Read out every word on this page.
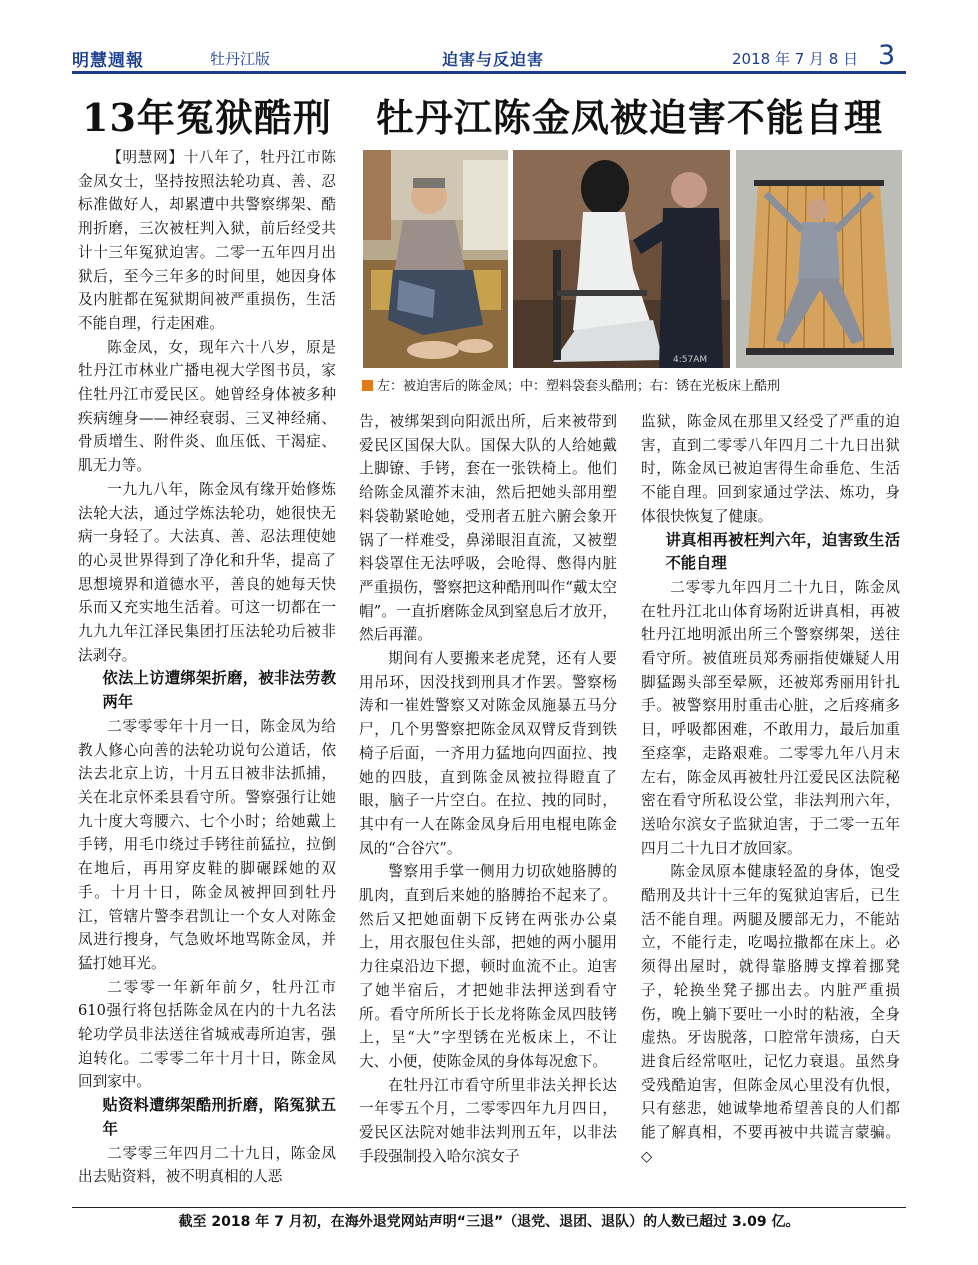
明慧週報	牡丹江版	迫害与反迫害	2018 年 7 月 8 日 3
13年冤狱酷刑 牡丹江陈金凤被迫害不能自理
4:57AM
左：被迫害后的陈金凤；中：塑料袋套头酷刑；右：锈在光板床上酷刑

【明慧网】十八年了，牡丹江市陈金凤女士，坚持按照法轮功真、善、忍标准做好人，却累遭中共警察绑架、酷刑折磨，三次被枉判入狱，前后经受共计十三年冤狱迫害。二零一五年四月出狱后，至今三年多的时间里，她因身体及内脏都在冤狱期间被严重损伤，生活不能自理，行走困难。

陈金凤，女，现年六十八岁，原是牡丹江市林业广播电视大学图书员，家住牡丹江市爱民区。她曾经身体被多种疾病缠身——神经衰弱、三叉神经痛、骨质增生、附件炎、血压低、干渴症、肌无力等。

一九九八年，陈金凤有缘开始修炼法轮大法，通过学炼法轮功，她很快无病一身轻了。大法真、善、忍法理使她的心灵世界得到了净化和升华，提高了思想境界和道德水平，善良的她每天快乐而又充实地生活着。可这一切都在一九九九年江泽民集团打压法轮功后被非法剥夺。

依法上访遭绑架折磨，被非法劳教两年

二零零零年十月一日，陈金凤为给教人修心向善的法轮功说句公道话，依法去北京上访，十月五日被非法抓捕，关在北京怀柔县看守所。警察强行让她九十度大弯腰六、七个小时；给她戴上手铐，用毛巾绕过手铐往前猛拉，拉倒在地后，再用穿皮鞋的脚碾踩她的双手。十月十日，陈金凤被押回到牡丹江，管辖片警李君凯让一个女人对陈金凤进行搜身，气急败坏地骂陈金凤，并猛打她耳光。

二零零一年新年前夕，牡丹江市610强行将包括陈金凤在内的十九名法轮功学员非法送往省城戒毒所迫害，强迫转化。二零零二年十月十日，陈金凤回到家中。

贴资料遭绑架酷刑折磨，陷冤狱五年

二零零三年四月二十九日，陈金凤出去贴资料，被不明真相的人恶

告，被绑架到向阳派出所，后来被带到爱民区国保大队。国保大队的人给她戴上脚镣、手铐，套在一张铁椅上。他们给陈金凤灌芥末油，然后把她头部用塑料袋勒紧呛她，受刑者五脏六腑会象开锅了一样难受，鼻涕眼泪直流，又被塑料袋罩住无法呼吸，会呛得、憋得内脏严重损伤，警察把这种酷刑叫作“戴太空帽”。一直折磨陈金凤到窒息后才放开，然后再灌。

期间有人要搬来老虎凳，还有人要用吊环，因没找到刑具才作罢。警察杨涛和一崔姓警察又对陈金凤施暴五马分尸，几个男警察把陈金凤双臂反背到铁椅子后面，一齐用力猛地向四面拉、拽她的四肢，直到陈金凤被拉得瞪直了眼，脑子一片空白。在拉、拽的同时，其中有一人在陈金凤身后用电棍电陈金凤的“合谷穴”。

警察用手掌一侧用力切砍她胳膊的肌肉，直到后来她的胳膊抬不起来了。然后又把她面朝下反铐在两张办公桌上，用衣服包住头部，把她的两小腿用力往桌沿边下摁，顿时血流不止。迫害了她半宿后，才把她非法押送到看守所。看守所所长于长龙将陈金凤四肢铐上，呈“大”字型锈在光板床上，不让大、小便，使陈金凤的身体每况愈下。

在牡丹江市看守所里非法关押长达一年零五个月，二零零四年九月四日，爱民区法院对她非法判刑五年，以非法手段强制投入哈尔滨女子

监狱，陈金凤在那里又经受了严重的迫害，直到二零零八年四月二十九日出狱时，陈金凤已被迫害得生命垂危、生活不能自理。回到家通过学法、炼功，身体很快恢复了健康。

讲真相再被枉判六年，迫害致生活不能自理

二零零九年四月二十九日，陈金凤在牡丹江北山体育场附近讲真相，再被牡丹江地明派出所三个警察绑架，送往看守所。被值班员郑秀丽指使嫌疑人用脚猛踢头部至晕厥，还被郑秀丽用针扎手。被警察用肘重击心脏，之后疼痛多日，呼吸都困难，不敢用力，最后加重至痉挛，走路艰难。二零零九年八月末左右，陈金凤再被牡丹江爱民区法院秘密在看守所私设公堂，非法判刑六年，送哈尔滨女子监狱迫害，于二零一五年四月二十九日才放回家。

陈金凤原本健康轻盈的身体，饱受酷刑及共计十三年的冤狱迫害后，已生活不能自理。两腿及腰部无力，不能站立，不能行走，吃喝拉撒都在床上。必须得出屋时，就得靠胳膊支撑着挪凳子，轮换坐凳子挪出去。内脏严重损伤，晚上躺下要吐一小时的粘液，全身虚热。牙齿脱落，口腔常年溃疡，白天进食后经常呕吐，记忆力衰退。虽然身受残酷迫害，但陈金凤心里没有仇恨，只有慈悲，她诚挚地希望善良的人们都能了解真相，不要再被中共谎言蒙骗。 ◇

截至 2018 年 7 月初，在海外退党网站声明“三退”（退党、退团、退队）的人数已超过 3.09 亿。
